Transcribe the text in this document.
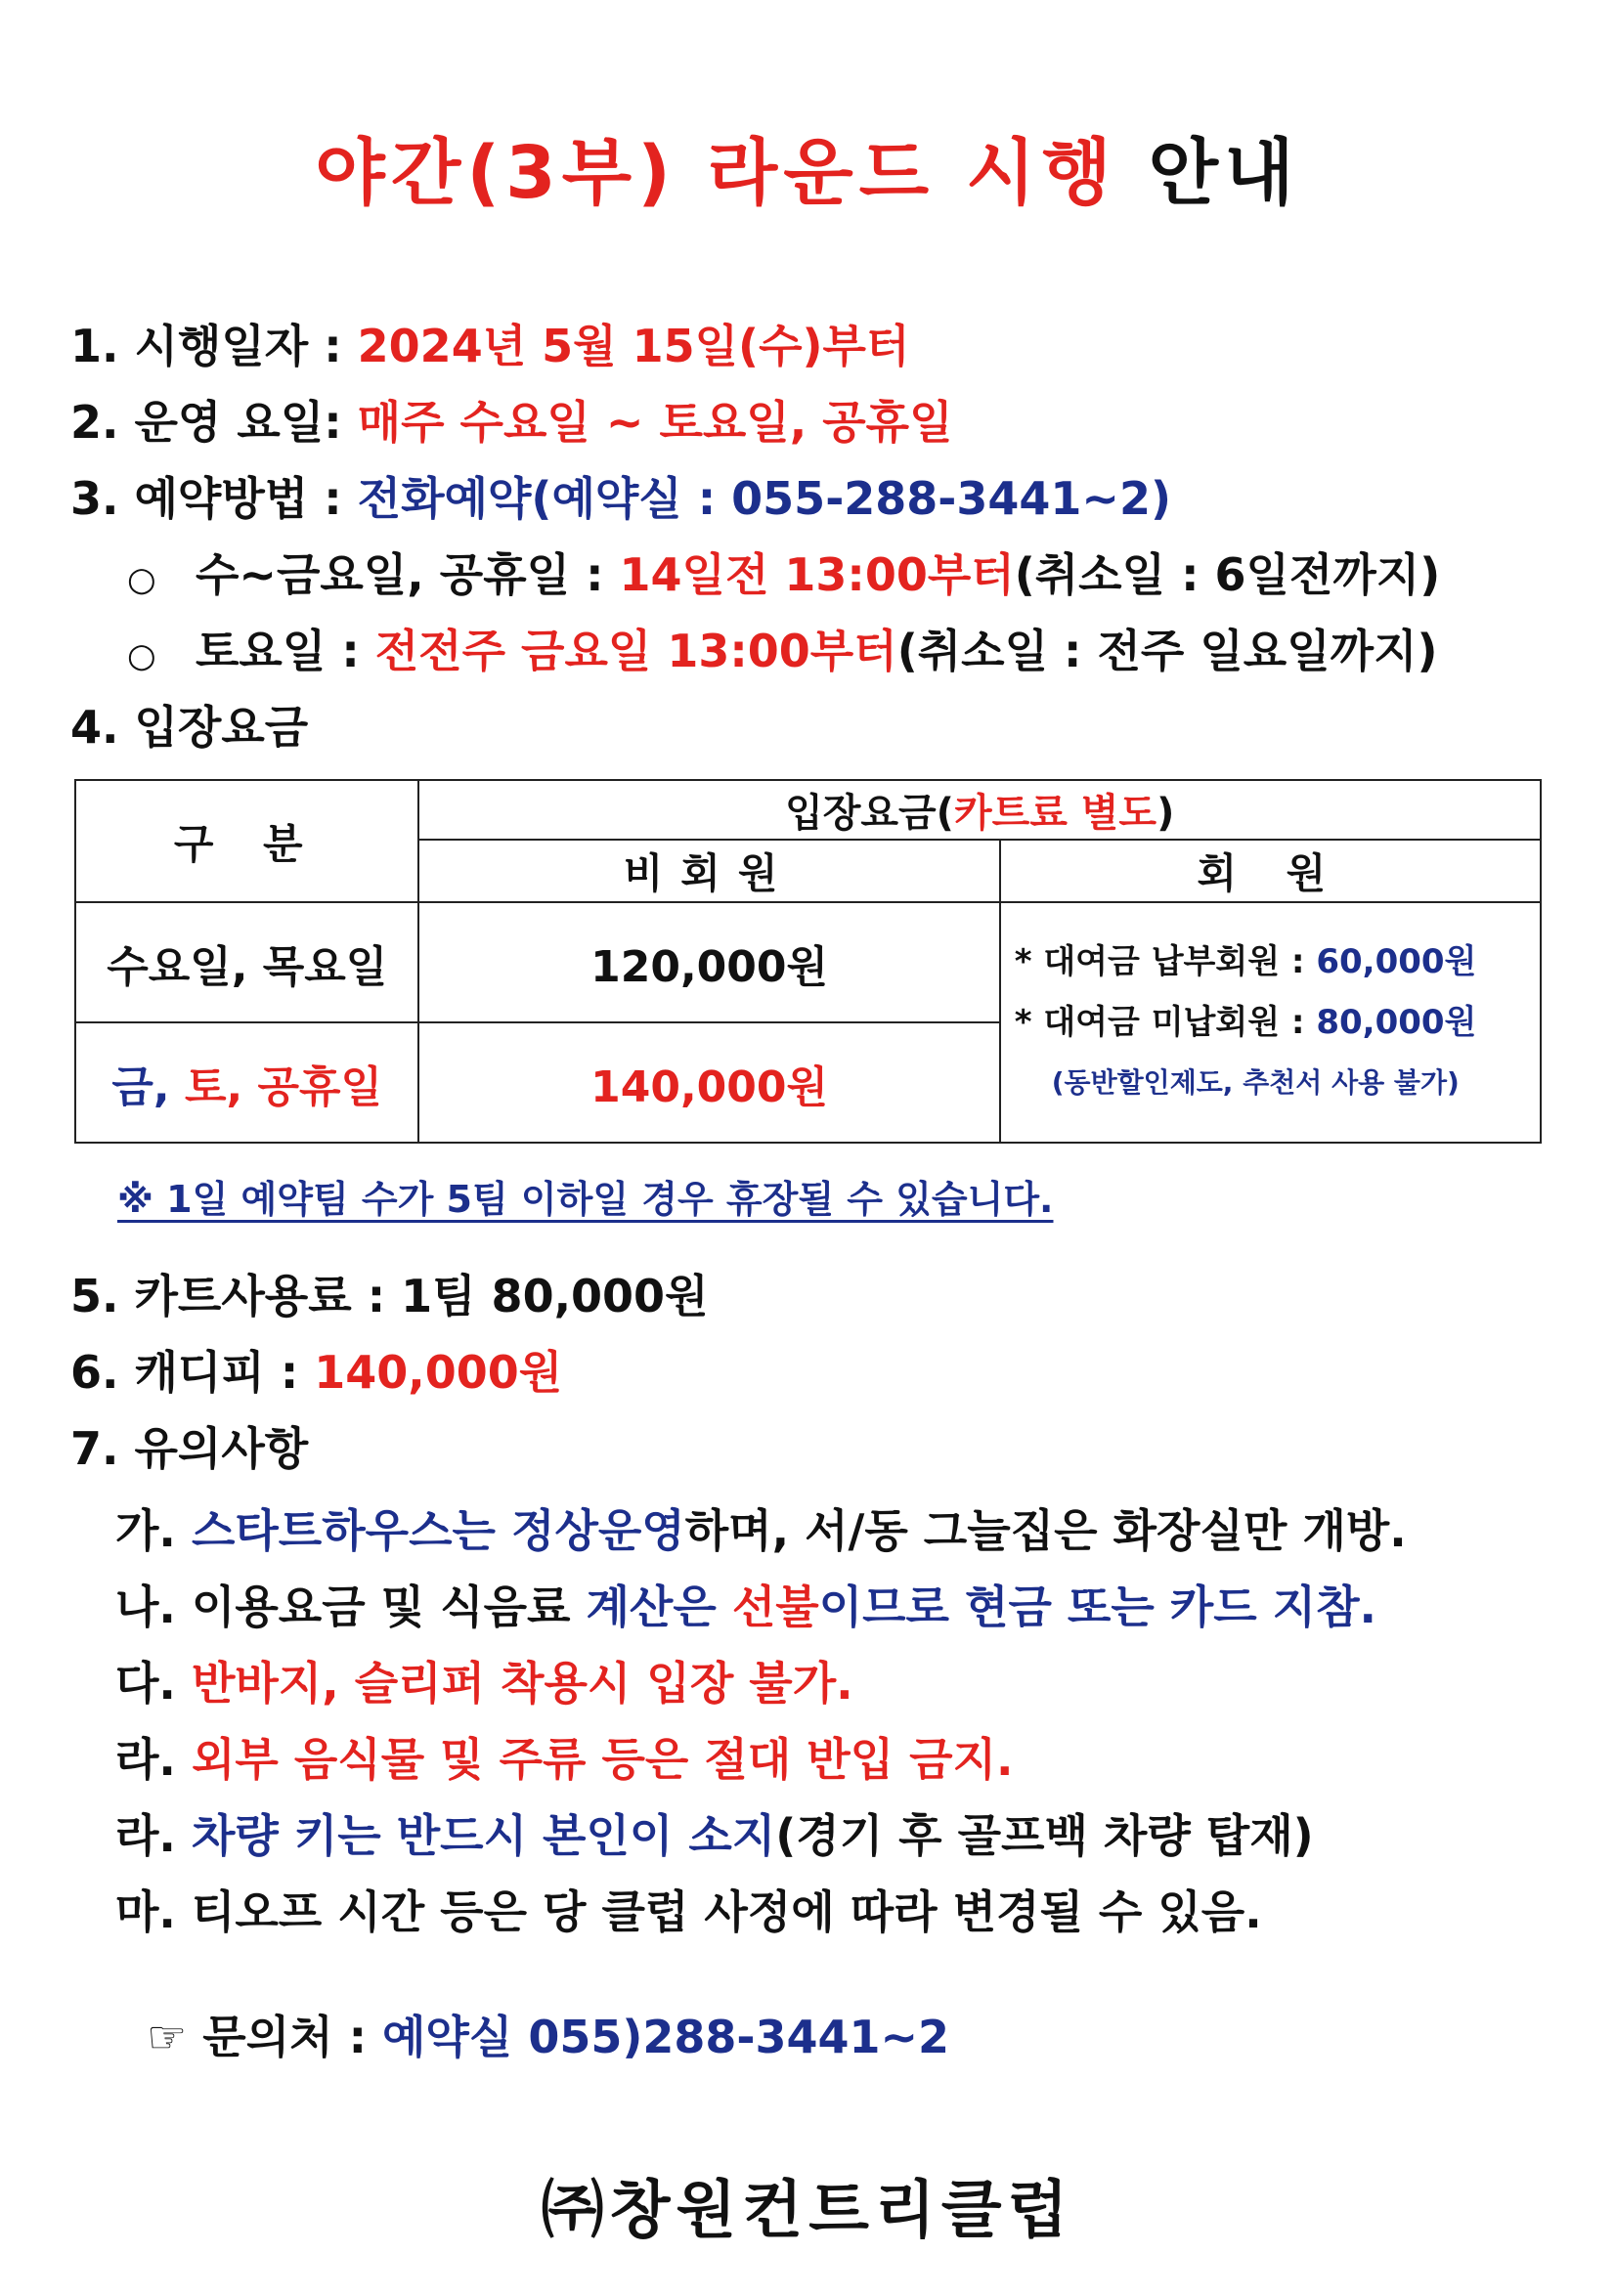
야간(3부) 라운드 시행 안내
1. 시행일자 : 2024년 5월 15일(수)부터
2. 운영 요일: 매주 수요일 ~ 토요일, 공휴일
3. 예약방법 : 전화예약(예약실 : 055-288-3441~2)
○ 수~금요일, 공휴일 : 14일전 13:00부터(취소일 : 6일전까지)
○ 토요일 : 전전주 금요일 13:00부터(취소일 : 전주 일요일까지)
4. 입장요금
구 분	입장요금(카트료 별도)	
	비회원	회 원
수요일, 목요일	120,000원	* 대여금 납부회원 : 60,000원
* 대여금 미납회원 : 80,000원
(동반할인제도, 추천서 사용 불가)

금, 토, 공휴일	140,000원	
※ 1일 예약팀 수가 5팀 이하일 경우 휴장될 수 있습니다.
5. 카트사용료 : 1팀 80,000원
6. 캐디피 : 140,000원
7. 유의사항
가. 스타트하우스는 정상운영하며, 서/동 그늘집은 화장실만 개방.
나. 이용요금 및 식음료 계산은 선불이므로 현금 또는 카드 지참.
다. 반바지, 슬리퍼 착용시 입장 불가.
라. 외부 음식물 및 주류 등은 절대 반입 금지.
라. 차량 키는 반드시 본인이 소지(경기 후 골프백 차량 탑재)
마. 티오프 시간 등은 당 클럽 사정에 따라 변경될 수 있음.
☞ 문의처 : 예약실 055)288-3441~2
㈜창원컨트리클럽
